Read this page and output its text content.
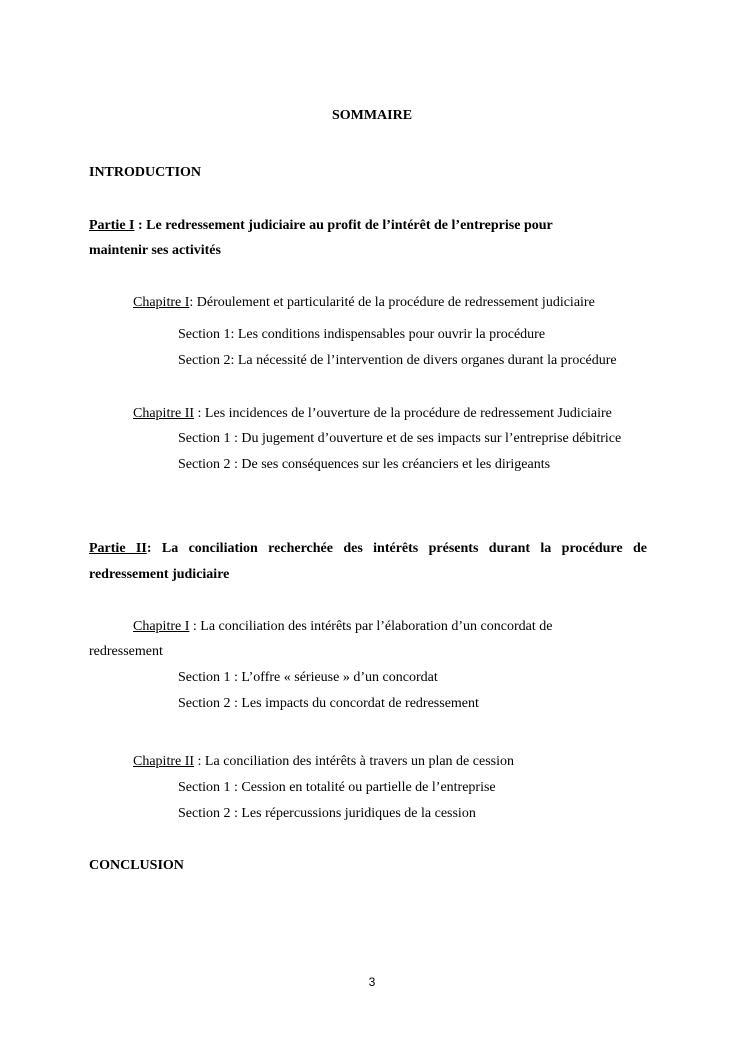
SOMMAIRE
INTRODUCTION
Partie I : Le redressement judiciaire au profit de l’intérêt de l’entreprise pour
maintenir ses activités
Chapitre I: Déroulement et particularité de la procédure de redressement judiciaire
Section 1: Les conditions indispensables pour ouvrir la procédure
Section 2: La nécessité de l’intervention de divers organes durant la procédure
Chapitre II : Les incidences de l’ouverture de la procédure de redressement Judiciaire
Section 1 : Du jugement d’ouverture et de ses impacts sur l’entreprise débitrice
Section 2 : De ses conséquences sur les créanciers et les dirigeants
Partie II: La conciliation recherchée des intérêts présents durant la procédure de
redressement judiciaire
Chapitre I : La conciliation des intérêts par l’élaboration d’un concordat de
redressement
Section 1 : L’offre « sérieuse » d’un concordat
Section 2 : Les impacts du concordat de redressement
Chapitre II : La conciliation des intérêts à travers un plan de cession
Section 1 : Cession en totalité ou partielle de l’entreprise
Section 2 : Les répercussions juridiques de la cession
CONCLUSION
3
